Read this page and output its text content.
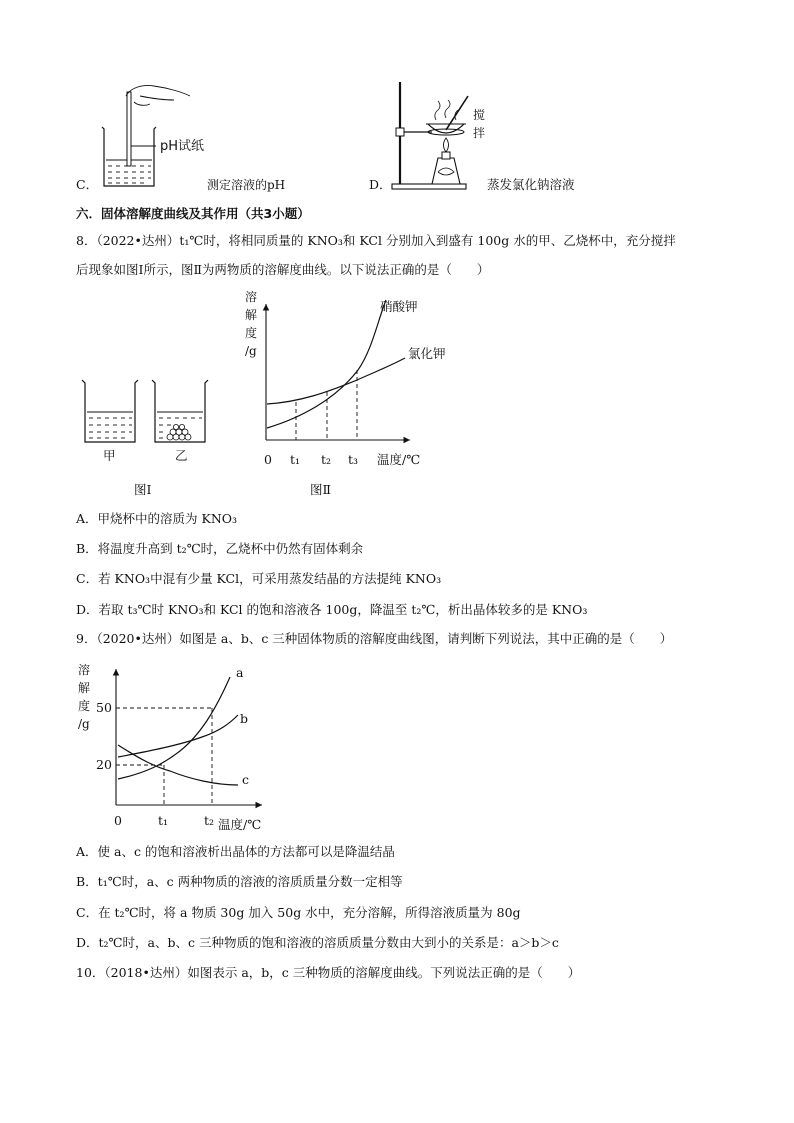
pH试纸
C．	测定溶液的pH
搅
拌
D．	蒸发氯化钠溶液
六．固体溶解度曲线及其作用（共3小题）
8．（2022•达州）t₁℃时，将相同质量的 KNO₃和 KCl 分别加入到盛有 100g 水的甲、乙烧杯中，充分搅拌
后现象如图Ⅰ所示，图Ⅱ为两物质的溶解度曲线。以下说法正确的是（　　）
甲	乙
图Ⅰ
溶
解
度
/g
硝酸钾
氯化钾
0 t₁ t₂ t₃ 温度/℃
图Ⅱ
A．甲烧杯中的溶质为 KNO₃
B．将温度升高到 t₂℃时，乙烧杯中仍然有固体剩余
C．若 KNO₃中混有少量 KCl，可采用蒸发结晶的方法提纯 KNO₃
D．若取 t₃℃时 KNO₃和 KCl 的饱和溶液各 100g，降温至 t₂℃，析出晶体较多的是 KNO₃
9．（2020•达州）如图是 a、b、c 三种固体物质的溶解度曲线图，请判断下列说法，其中正确的是（　　）
溶
解
度
/g
50
20
a
b
c
0	t₁	t₂ 温度/℃
A．使 a、c 的饱和溶液析出晶体的方法都可以是降温结晶
B．t₁℃时，a、c 两种物质的溶液的溶质质量分数一定相等
C．在 t₂℃时，将 a 物质 30g 加入 50g 水中，充分溶解，所得溶液质量为 80g
D．t₂℃时，a、b、c 三种物质的饱和溶液的溶质质量分数由大到小的关系是：a＞b＞c
10．（2018•达州）如图表示 a，b，c 三种物质的溶解度曲线。下列说法正确的是（　　）
